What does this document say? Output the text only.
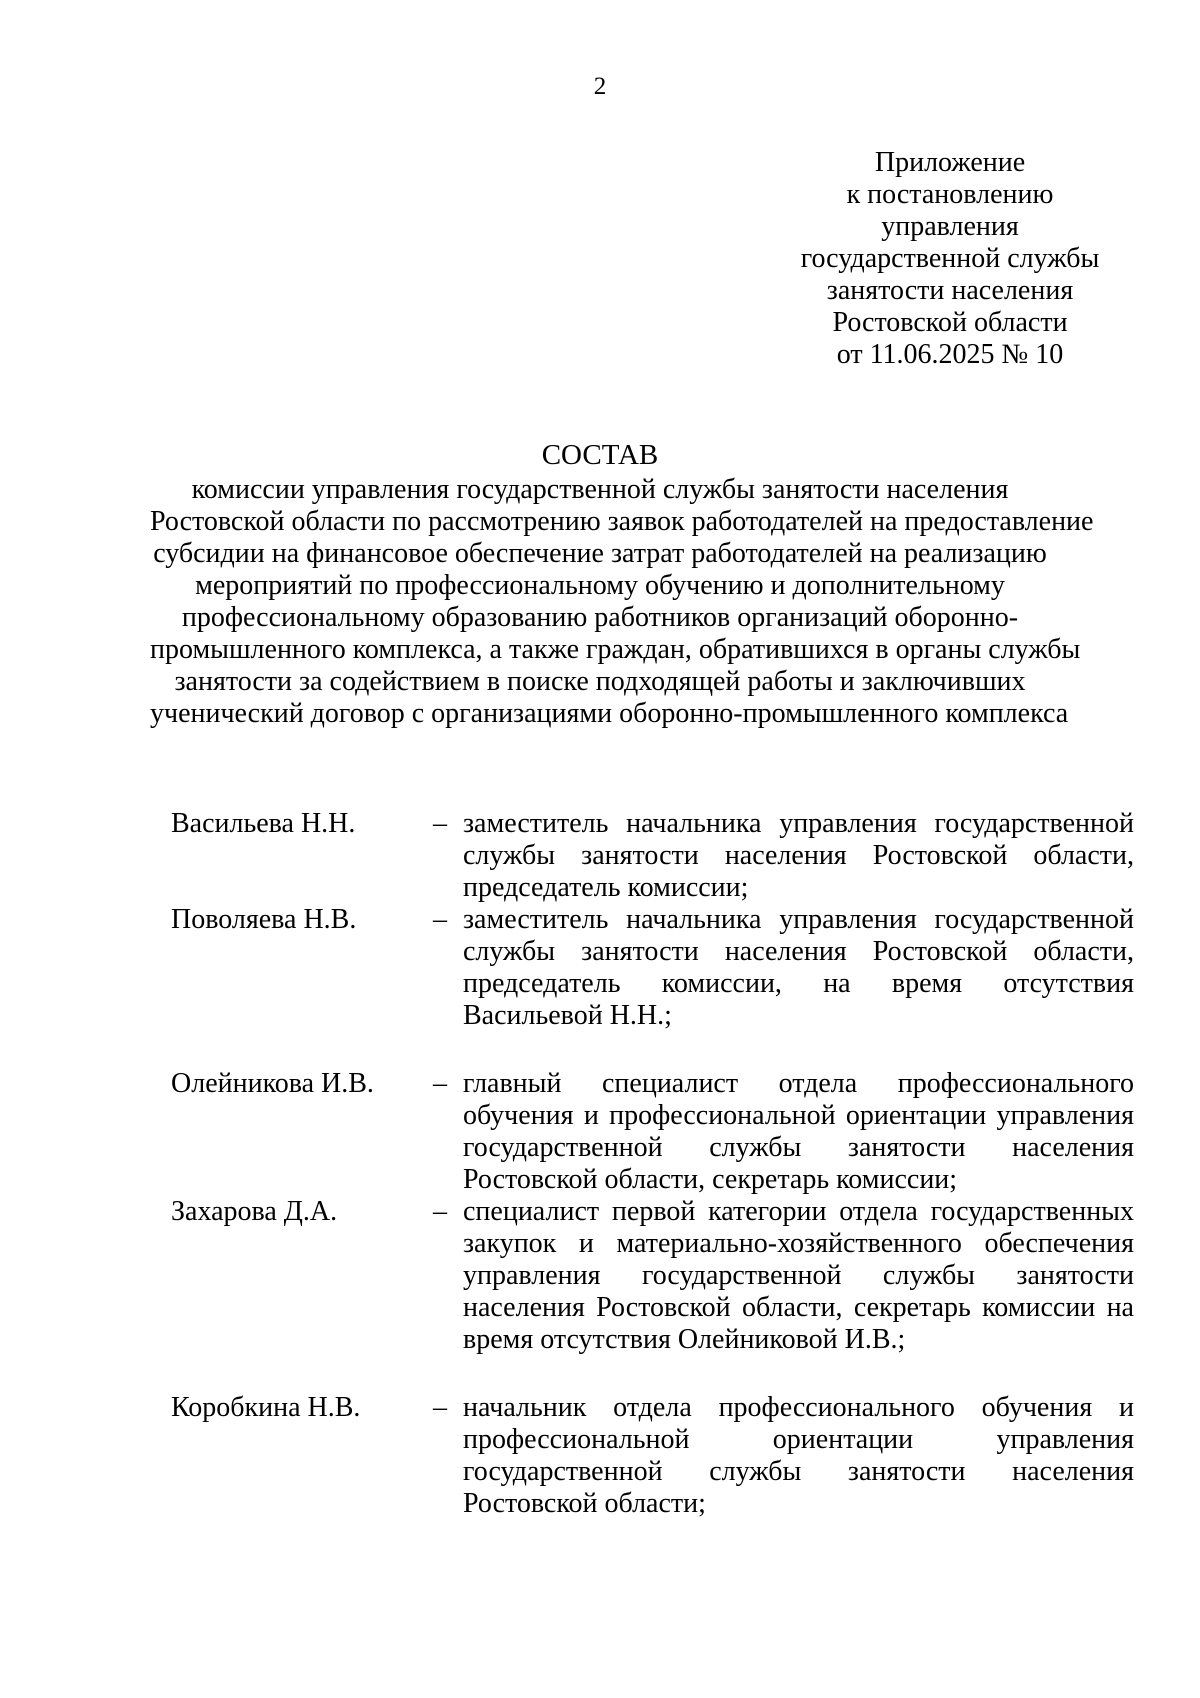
2
Приложение
к постановлению
управления
государственной службы
занятости населения
Ростовской области
от 11.06.2025 № 10
СОСТАВ
комиссии управления государственной службы занятости населения
Ростовской области по рассмотрению заявок работодателей на предоставление
субсидии на финансовое обеспечение затрат работодателей на реализацию
мероприятий по профессиональному обучению и дополнительному
профессиональному образованию работников организаций оборонно-
промышленного комплекса, а также граждан, обратившихся в органы службы
занятости за содействием в поиске подходящей работы и заключивших
ученический договор с организациями оборонно-промышленного комплекса
Васильева Н.Н.	– заместитель начальника управления государственной
службы занятости населения Ростовской области,
председатель комиссии;
Поволяева Н.В.	– заместитель начальника управления государственной
службы занятости населения Ростовской области,
председатель комиссии, на время отсутствия
Васильевой Н.Н.;
Олейникова И.В.	– главный специалист отдела профессионального
обучения и профессиональной ориентации управления
государственной службы занятости населения
Ростовской области, секретарь комиссии;
Захарова Д.А.	– специалист первой категории отдела государственных
закупок и материально-хозяйственного обеспечения
управления государственной службы занятости
населения Ростовской области, секретарь комиссии на
время отсутствия Олейниковой И.В.;
Коробкина Н.В.	– начальник отдела профессионального обучения и
профессиональной ориентации управления
государственной службы занятости населения
Ростовской области;
